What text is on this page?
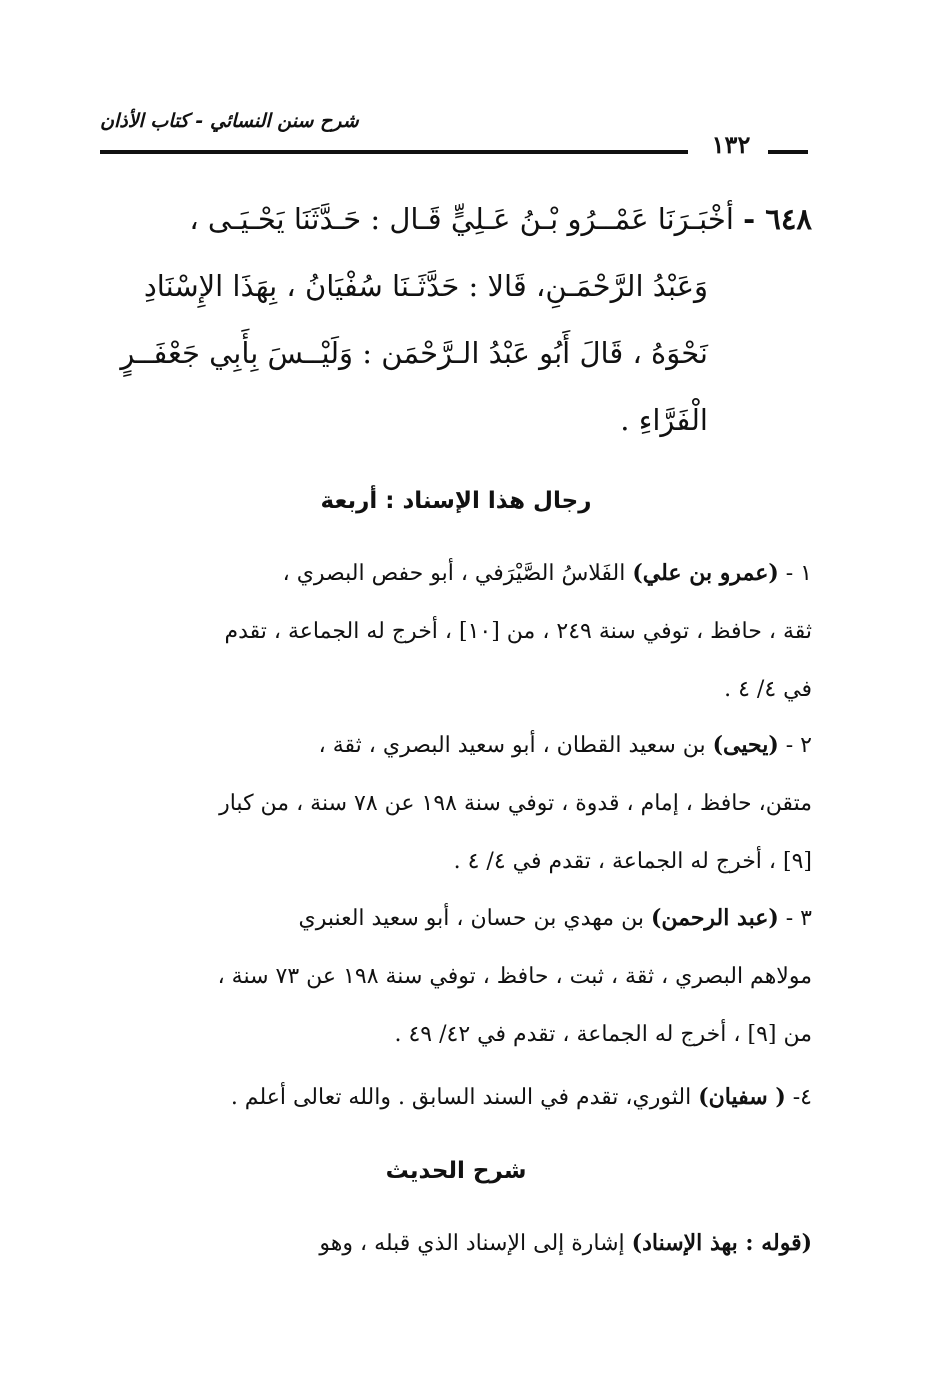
شرح سنن النسائي - كتاب الأذان
١٣٢
٦٤٨ - أخْبَـرَنَا عَمْــرُو بْـنُ عَـلِيٍّ قَـال : حَـدَّثَنَا يَحْـيَـى ،
وَعَبْدُ الرَّحْمَـنِ، قَالا : حَدَّثَـنَا سُفْيَانُ ، بِهَذَا الإِسْنَادِ
نَحْوَهُ ، قَالَ أَبُو عَبْدُ الـرَّحْمَن : وَلَيْــسَ بِأَبِي جَعْفَــرٍ
الْفَرَّاءِ .
رجال هذا الإسناد : أربعة
١ - (عمرو بن علي) الفَلاسُ الصَّيْرَفي ، أبو حفص البصري ،
ثقة ، حافظ ، توفي سنة ٢٤٩ ، من [١٠] ، أخرج له الجماعة ، تقدم
في ٤/ ٤ .
٢ - (يحيى) بن سعيد القطان ، أبو سعيد البصري ، ثقة ،
متقن، حافظ ، إمام ، قدوة ، توفي سنة ١٩٨ عن ٧٨ سنة ، من كبار
[٩] ، أخرج له الجماعة ، تقدم في ٤/ ٤ .
٣ - (عبد الرحمن) بن مهدي بن حسان ، أبو سعيد العنبري
مولاهم البصري ، ثقة ، ثبت ، حافظ ، توفي سنة ١٩٨ عن ٧٣ سنة ،
من [٩] ، أخرج له الجماعة ، تقدم في ٤٢/ ٤٩ .
٤- ( سفيان) الثوري، تقدم في السند السابق . والله تعالى أعلم .
شرح الحديث
(قوله : بهذ الإسناد) إشارة إلى الإسناد الذي قبله ، وهو
